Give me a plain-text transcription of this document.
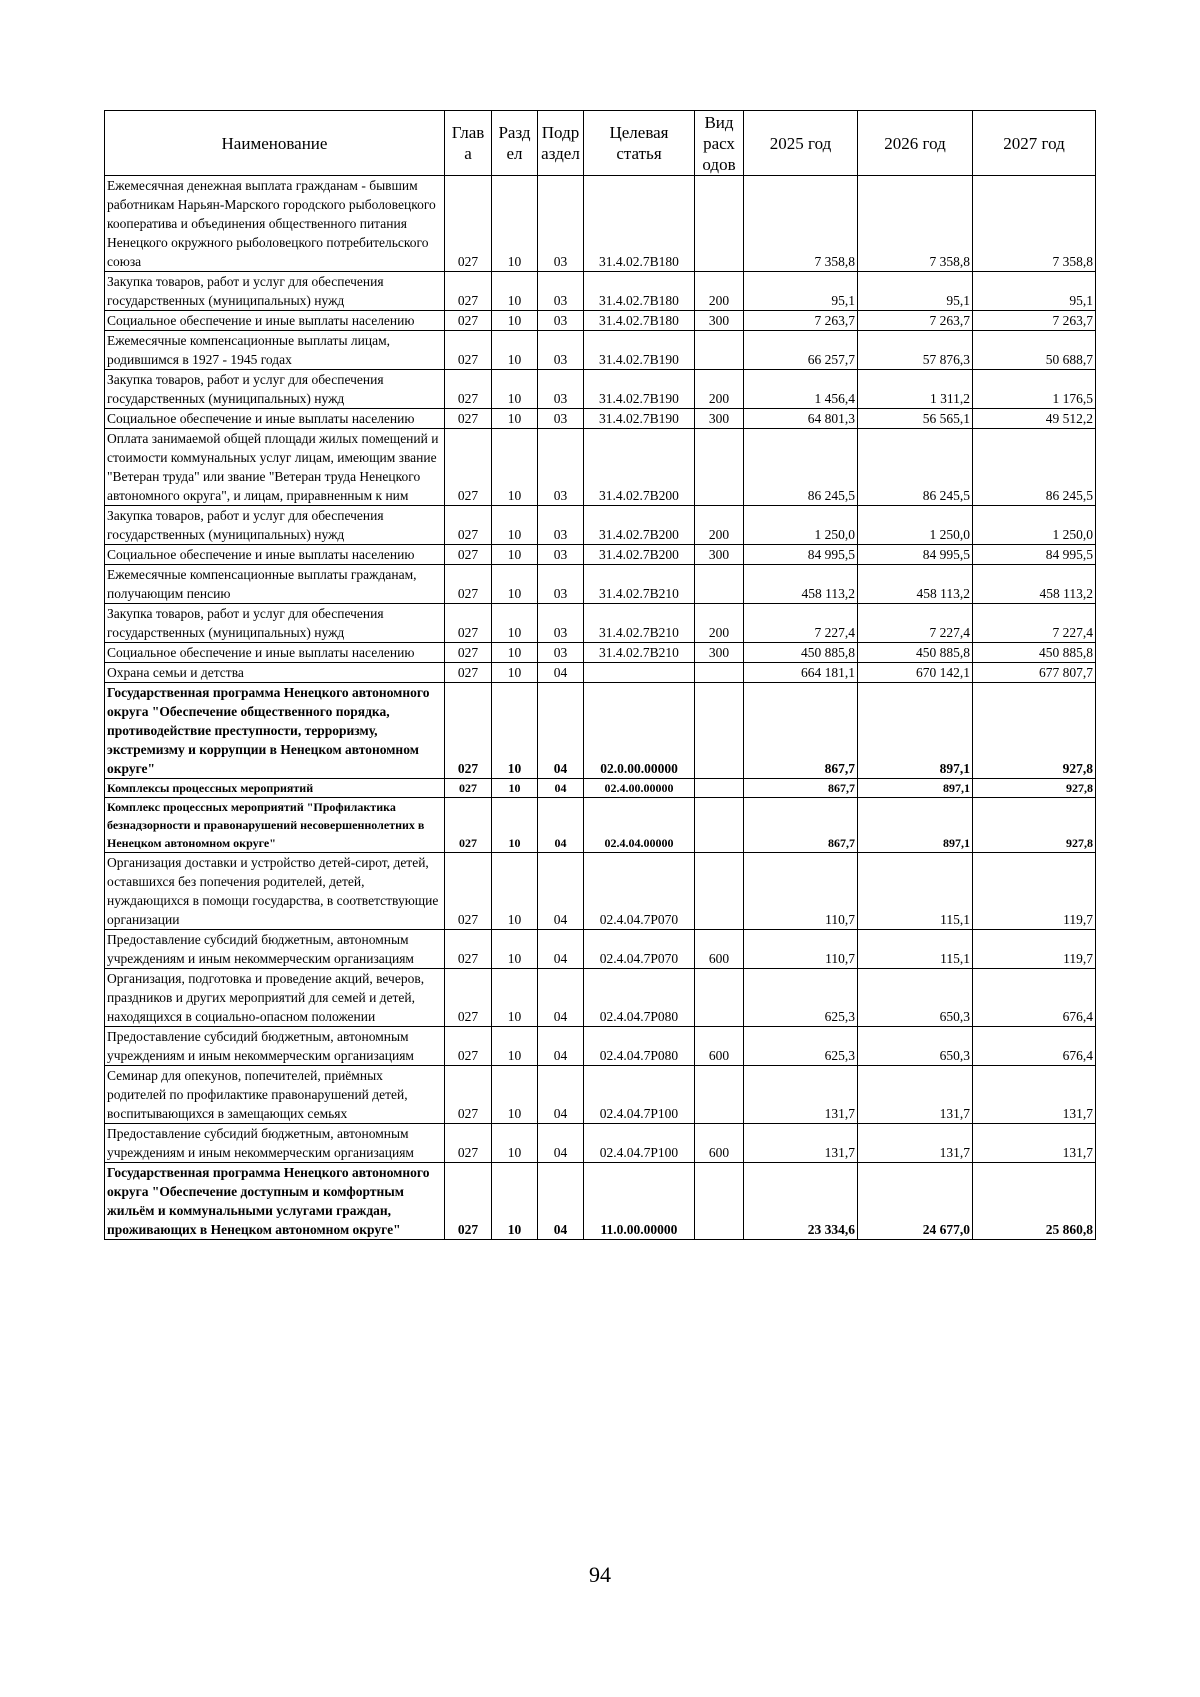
Наименование	Глав а	Разд ел	Подр аздел	Целевая статья	Вид расх одов	2025 год	2026 год	2027 год
Ежемесячная денежная выплата гражданам - бывшим работникам Нарьян-Марского городского рыболовецкого кооператива и объединения общественного питания Ненецкого окружного рыболовецкого потребительского союза	027	10	03	31.4.02.7В180		7 358,8	7 358,8	7 358,8
Закупка товаров, работ и услуг для обеспечения государственных (муниципальных) нужд	027	10	03	31.4.02.7В180	200	95,1	95,1	95,1
Социальное обеспечение и иные выплаты населению	027	10	03	31.4.02.7В180	300	7 263,7	7 263,7	7 263,7
Ежемесячные компенсационные выплаты лицам, родившимся в 1927 - 1945 годах	027	10	03	31.4.02.7В190		66 257,7	57 876,3	50 688,7
Закупка товаров, работ и услуг для обеспечения государственных (муниципальных) нужд	027	10	03	31.4.02.7В190	200	1 456,4	1 311,2	1 176,5
Социальное обеспечение и иные выплаты населению	027	10	03	31.4.02.7В190	300	64 801,3	56 565,1	49 512,2
Оплата занимаемой общей площади жилых помещений и стоимости коммунальных услуг лицам, имеющим звание "Ветеран труда" или звание "Ветеран труда Ненецкого автономного округа", и лицам, приравненным к ним	027	10	03	31.4.02.7В200		86 245,5	86 245,5	86 245,5
Закупка товаров, работ и услуг для обеспечения государственных (муниципальных) нужд	027	10	03	31.4.02.7В200	200	1 250,0	1 250,0	1 250,0
Социальное обеспечение и иные выплаты населению	027	10	03	31.4.02.7В200	300	84 995,5	84 995,5	84 995,5
Ежемесячные компенсационные выплаты гражданам, получающим пенсию	027	10	03	31.4.02.7В210		458 113,2	458 113,2	458 113,2
Закупка товаров, работ и услуг для обеспечения государственных (муниципальных) нужд	027	10	03	31.4.02.7В210	200	7 227,4	7 227,4	7 227,4
Социальное обеспечение и иные выплаты населению	027	10	03	31.4.02.7В210	300	450 885,8	450 885,8	450 885,8
Охрана семьи и детства	027	10	04			664 181,1	670 142,1	677 807,7
Государственная программа Ненецкого автономного округа "Обеспечение общественного порядка, противодействие преступности, терроризму, экстремизму и коррупции в Ненецком автономном округе"	027	10	04	02.0.00.00000		867,7	897,1	927,8
Комплексы процессных мероприятий	027	10	04	02.4.00.00000		867,7	897,1	927,8
Комплекс процессных мероприятий "Профилактика безнадзорности и правонарушений несовершеннолетних в Ненецком автономном округе"	027	10	04	02.4.04.00000		867,7	897,1	927,8
Организация доставки и устройство детей-сирот, детей, оставшихся без попечения родителей, детей, нуждающихся в помощи государства, в соответствующие организации	027	10	04	02.4.04.7Р070		110,7	115,1	119,7
Предоставление субсидий бюджетным, автономным учреждениям и иным некоммерческим организациям	027	10	04	02.4.04.7Р070	600	110,7	115,1	119,7
Организация, подготовка и проведение акций, вечеров, праздников и других мероприятий для семей и детей, находящихся в социально-опасном положении	027	10	04	02.4.04.7Р080		625,3	650,3	676,4
Предоставление субсидий бюджетным, автономным учреждениям и иным некоммерческим организациям	027	10	04	02.4.04.7Р080	600	625,3	650,3	676,4
Семинар для опекунов, попечителей, приёмных родителей по профилактике правонарушений детей, воспитывающихся в замещающих семьях	027	10	04	02.4.04.7Р100		131,7	131,7	131,7
Предоставление субсидий бюджетным, автономным учреждениям и иным некоммерческим организациям	027	10	04	02.4.04.7Р100	600	131,7	131,7	131,7
Государственная программа Ненецкого автономного округа "Обеспечение доступным и комфортным жильём и коммунальными услугами граждан, проживающих в Ненецком автономном округе"	027	10	04	11.0.00.00000		23 334,6	24 677,0	25 860,8
94
